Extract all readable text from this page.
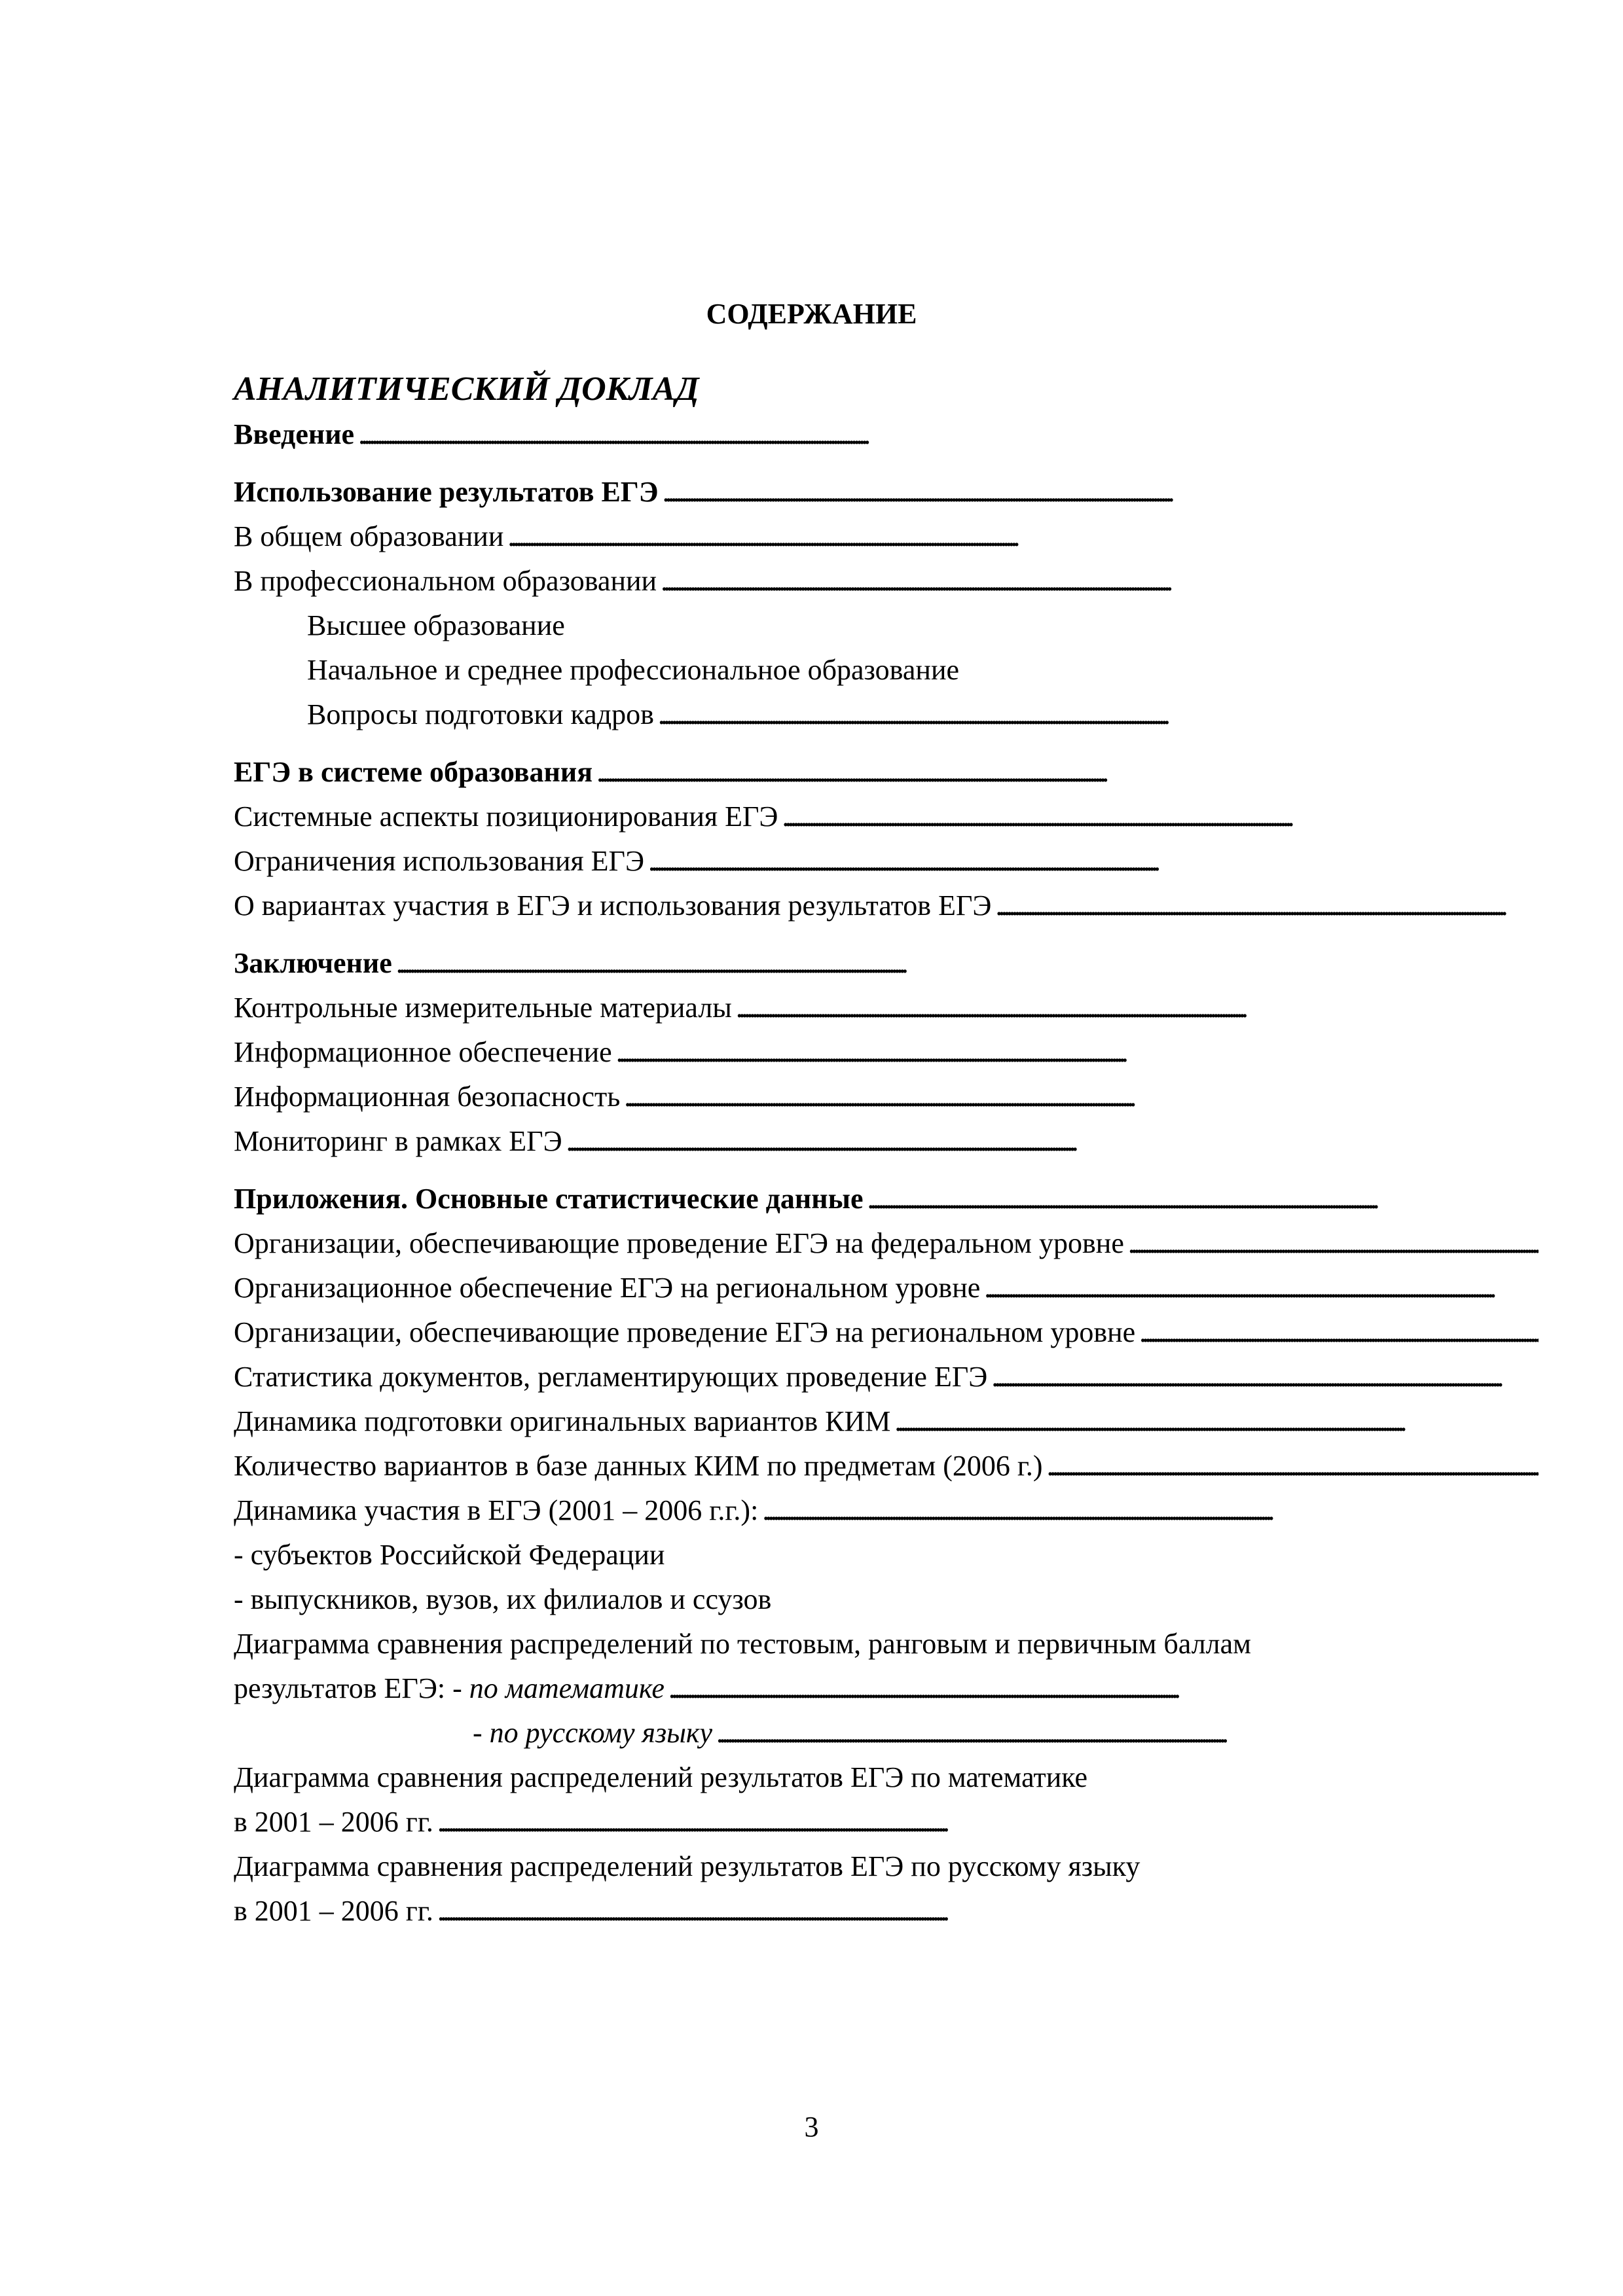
СОДЕРЖАНИЕ
АНАЛИТИЧЕСКИЙ ДОКЛАД
Введение
. . .
Использование результатов ЕГЭ
. . .
В общем образовании
. . .
В профессиональном образовании
. . .
Высшее образование
Начальное и среднее профессиональное образование
Вопросы подготовки кадров
. . .
ЕГЭ в системе образования
. . .
Системные аспекты позиционирования ЕГЭ
. . .
Ограничения использования ЕГЭ
. . .
О вариантах участия в ЕГЭ и использования результатов ЕГЭ
. . .
Заключение
. . .
Контрольные измерительные материалы
. . .
Информационное обеспечение
. . .
Информационная безопасность
. . .
Мониторинг в рамках ЕГЭ
. . .
Приложения. Основные статистические данные
. . .
Организации, обеспечивающие проведение ЕГЭ на федеральном уровне
. . .
Организационное обеспечение ЕГЭ на региональном уровне
. . .
Организации, обеспечивающие проведение ЕГЭ на региональном уровне
. . .
Статистика документов, регламентирующих проведение ЕГЭ
. . .
Динамика подготовки оригинальных вариантов КИМ
. . .
Количество вариантов в базе данных КИМ по предметам (2006 г.)
. . .
Динамика участия в ЕГЭ (2001 – 2006 г.г.):
. . .
- субъектов Российской Федерации
- выпускников, вузов, их филиалов и ссузов
Диаграмма сравнения распределений по тестовым, ранговым и первичным баллам
результатов ЕГЭ: - по математике
. . .
- по русскому языку
. . .
Диаграмма сравнения распределений результатов ЕГЭ по математике
в 2001 – 2006 гг.
. . .
Диаграмма сравнения распределений результатов ЕГЭ по русскому языку
в 2001 – 2006 гг.
. . .
3
